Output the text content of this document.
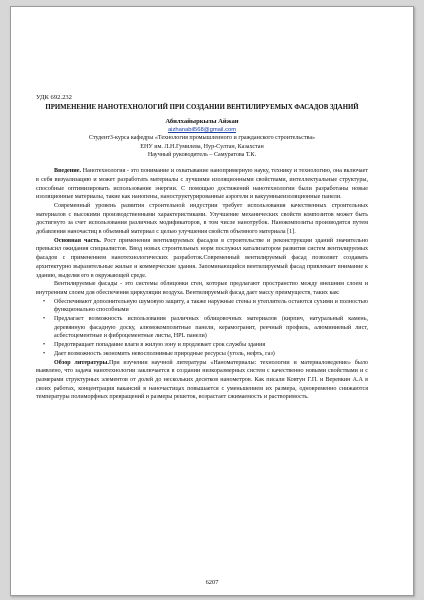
УДК 692.232

ПРИМЕНЕНИЕ НАНОТЕХНОЛОГИЙ ПРИ СОЗДАНИИ ВЕНТИЛИРУЕМЫХ ФАСАДОВ ЗДАНИЙ

Абилхайыркызы Айжан

aizhanabil568@gmail.com

Студент3-курса кафедры «Технология промышленного и гражданского строительства»

ЕНУ им. Л.Н.Гумилева, Нур-Султан, Казахстан

Научный руководитель – Самуратова Т.К.

Введение. Нанотехнология - это понимание и охватывание нанопримерную науку, технику и технологию, она включает в себя визуализацию и может разработать материалы с лучшими изоляционными свойствами, интеллектуальные структуры, способные оптимизировать использование энергии. С помощью достижений нанотехнологии были разработаны новые изоляционные материалы, такие как нанопены, наноструктурированные аэрогели и вакуумныеизоляционные панели.

Современный уровень развития строительной индустрии требует использования качественных строительных материалов с высокими производственными характеристиками. Улучшение механических свойств композитов может быть достигнуто за счет использования различных модификаторов, в том числе нанотрубок. Нанокомпозиты производятся путем добавления наночастиц в объемный материал с целью улучшения свойств объемного материала [1].

Основная часть. Рост применения вентилируемых фасадов в строительстве и реконструкции зданий значительно превысил ожидания специалистов. Ввод новых строительных норм послужил катализатором развития систем вентилируемых фасадов с применением нанотехнологических разработок.Современный вентилируемый фасад позволяет создавать архитектурно выразительные жилые и коммерческие здания. Запоминающийся вентилируемый фасад привлекает внимание к зданию, выделяя его в окружающей среде.

Вентилируемые фасады - это системы облицовки стен, которые предлагают пространство между внешним слоем и внутренним слоем для обеспечения циркуляции воздуха. Вентилируемый фасад дает массу преимуществ, таких как:

• Обеспечивают дополнительную шумовую защиту, а также наружные стены и утеплитель остаются сухими и полностью функционально способными

• Предлагает возможность использования различных облицовочных материалов (кирпич, натуральный камень, деревянную фасадную доску, алюмокомпозитные панели, керамогранит, реечный профиль, алюминиевый лист, асбестоцементные и фиброцементные листы, HPL панели)

• Предотвращает попадание влаги в жилую зону и продлевает срок службы здания

• Дает возможность экономить невосполнимые природные ресурсы (уголь, нефть, газ)

Обзор литературы.При изучении научной литературы «Наноматериалы: технологии и материаловедение» было выявлено, что задача нанотехнологии заключается в создании низкоразмерных систем с качественно новыми свойствами и с размерами структурных элементов от долей до нескольких десятков нанометров. Как писали Ковтун Г.П. и Веревкин А.А в своих работах, концентрация вакансий в наночастицах повышается с уменьшением их размера, одновременно снижаются температуры полиморфных превращений и размеры решеток, возрастает сжимаемость и растворимость.

6207
